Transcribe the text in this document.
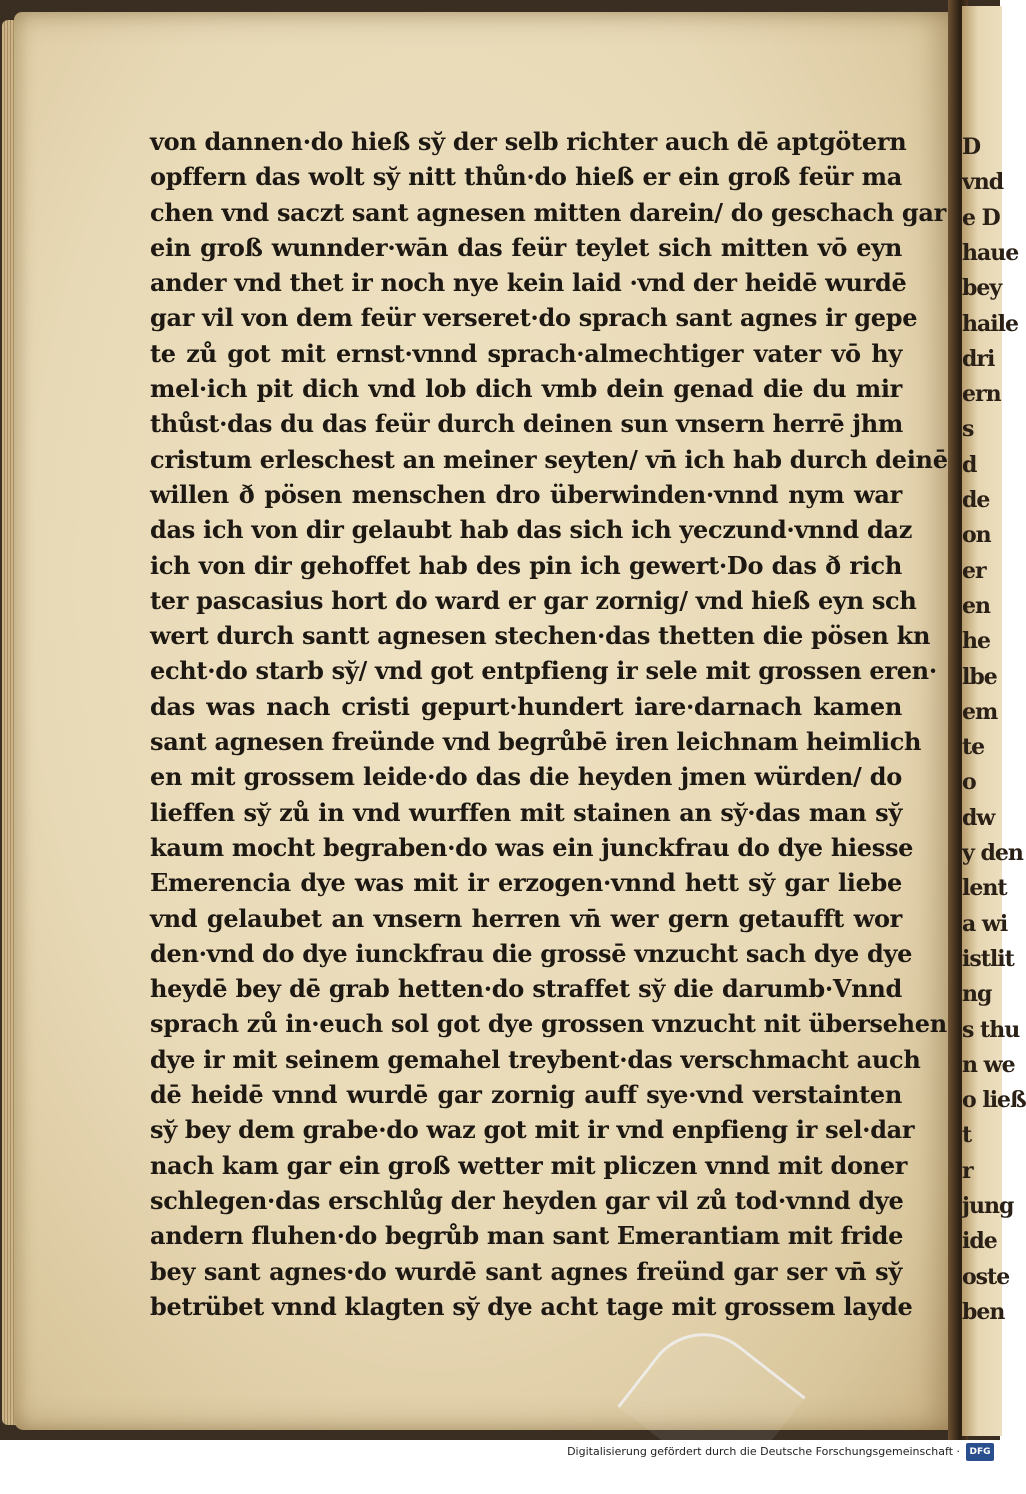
von dannen·do hieß sy̆ der selb richter auch dē aptgötern
opffern das wolt sy̆ nitt thůn·do hieß er ein groß feür ma
chen vnd saczt sant agnesen mitten darein/ do geschach gar
ein groß wunnder·wān das feür teylet sich mitten vō eyn
ander vnd thet ir noch nye kein laid ·vnd der heidē wurdē
gar vil von dem feür verseret·do sprach sant agnes ir gepe
te zů got mit ernst·vnnd sprach·almechtiger vater vō hy
mel·ich pit dich vnd lob dich vmb dein genad die du mir
thůst·das du das feür durch deinen sun vnsern herrē jhm
cristum erleschest an meiner seyten/ vn̄ ich hab durch deinē
willen ð pösen menschen dro überwinden·vnnd nym war
das ich von dir gelaubt hab das sich ich yeczund·vnnd daz
ich von dir gehoffet hab des pin ich gewert·Do das ð rich
ter pascasius hort do ward er gar zornig/ vnd hieß eyn sch
wert durch santt agnesen stechen·das thetten die pösen kn
echt·do starb sy̆/ vnd got entpfieng ir sele mit grossen eren·
das was nach cristi gepurt·hundert iare·darnach kamen
sant agnesen freünde vnd begrůbē iren leichnam heimlich
en mit grossem leide·do das die heyden jmen würden/ do
lieffen sy̆ zů in vnd wurffen mit stainen an sy̆·das man sy̆
kaum mocht begraben·do was ein junckfrau do dye hiesse
Emerencia dye was mit ir erzogen·vnnd hett sy̆ gar liebe
vnd gelaubet an vnsern herren vn̄ wer gern getaufft wor
den·vnd do dye iunckfrau die grossē vnzucht sach dye dye
heydē bey dē grab hetten·do straffet sy̆ die darumb·Vnnd
sprach zů in·euch sol got dye grossen vnzucht nit übersehen
dye ir mit seinem gemahel treybent·das verschmacht auch
dē heidē vnnd wurdē gar zornig auff sye·vnd verstainten
sy̆ bey dem grabe·do waz got mit ir vnd enpfieng ir sel·dar
nach kam gar ein groß wetter mit pliczen vnnd mit doner
schlegen·das erschlůg der heyden gar vil zů tod·vnnd dye
andern fluhen·do begrůb man sant Emerantiam mit fride
bey sant agnes·do wurdē sant agnes freünd gar ser vn̄ sy̆
betrübet vnnd klagten sy̆ dye acht tage mit grossem layde
D
vnd
e D
haue
bey
haile
dri
ern
s
d
de
on
er
en
he
lbe
em
te
o
dw
y den
lent
a wi
istlit
ng
s thu
n we
o ließ
t
r
jung
ide
oste
ben
Digitalisierung gefördert durch die Deutsche Forschungsgemeinschaft ·	DFG
